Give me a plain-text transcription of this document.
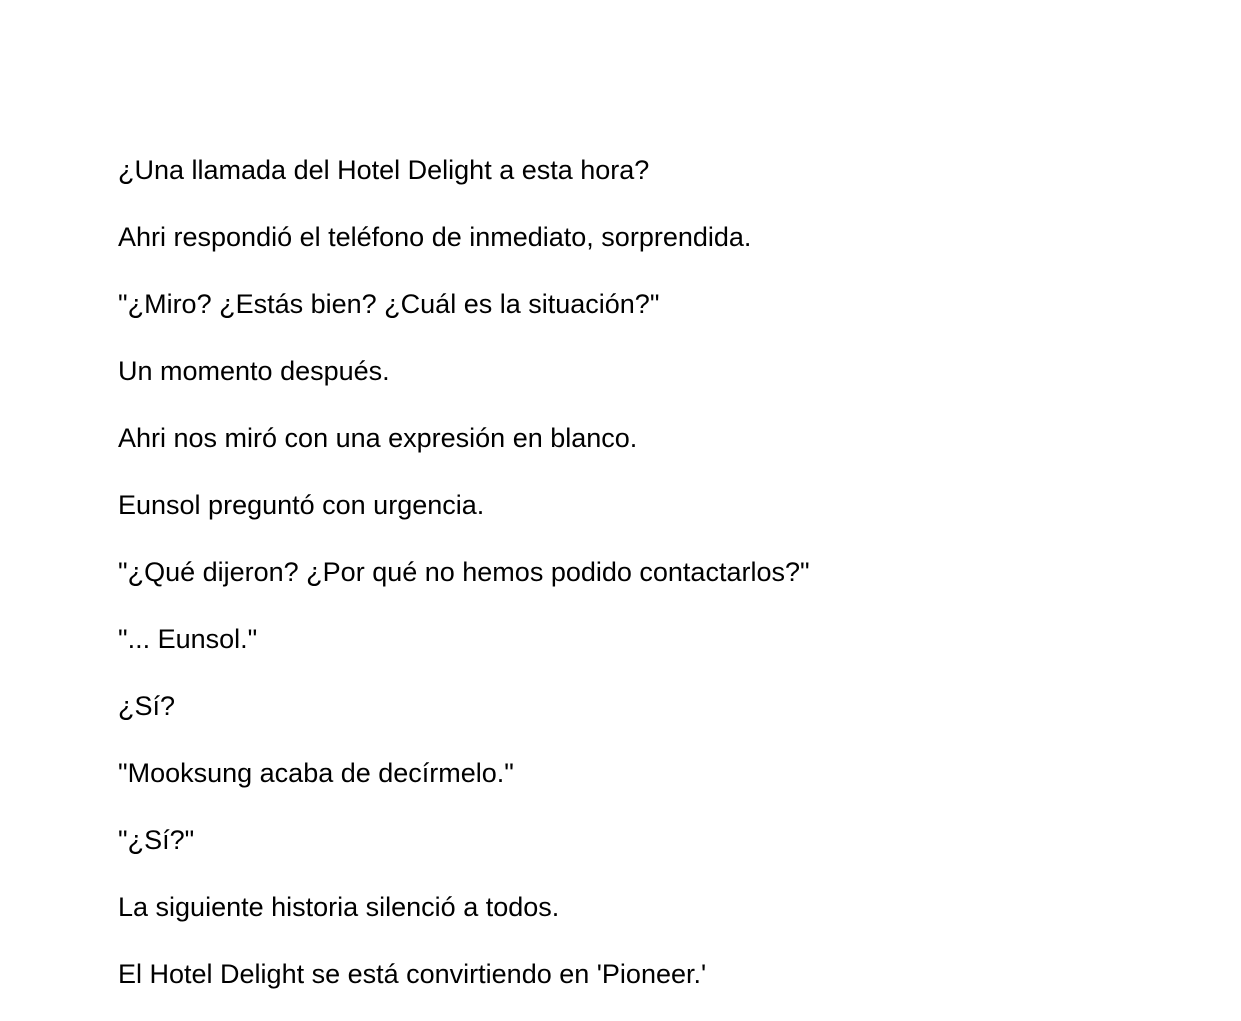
¿Una llamada del Hotel Delight a esta hora?

Ahri respondió el teléfono de inmediato, sorprendida.

"¿Miro? ¿Estás bien? ¿Cuál es la situación?"

Un momento después.

Ahri nos miró con una expresión en blanco.

Eunsol preguntó con urgencia.

"¿Qué dijeron? ¿Por qué no hemos podido contactarlos?"

"... Eunsol."

¿Sí?

"Mooksung acaba de decírmelo."

"¿Sí?"

La siguiente historia silenció a todos.

El Hotel Delight se está convirtiendo en 'Pioneer.'
